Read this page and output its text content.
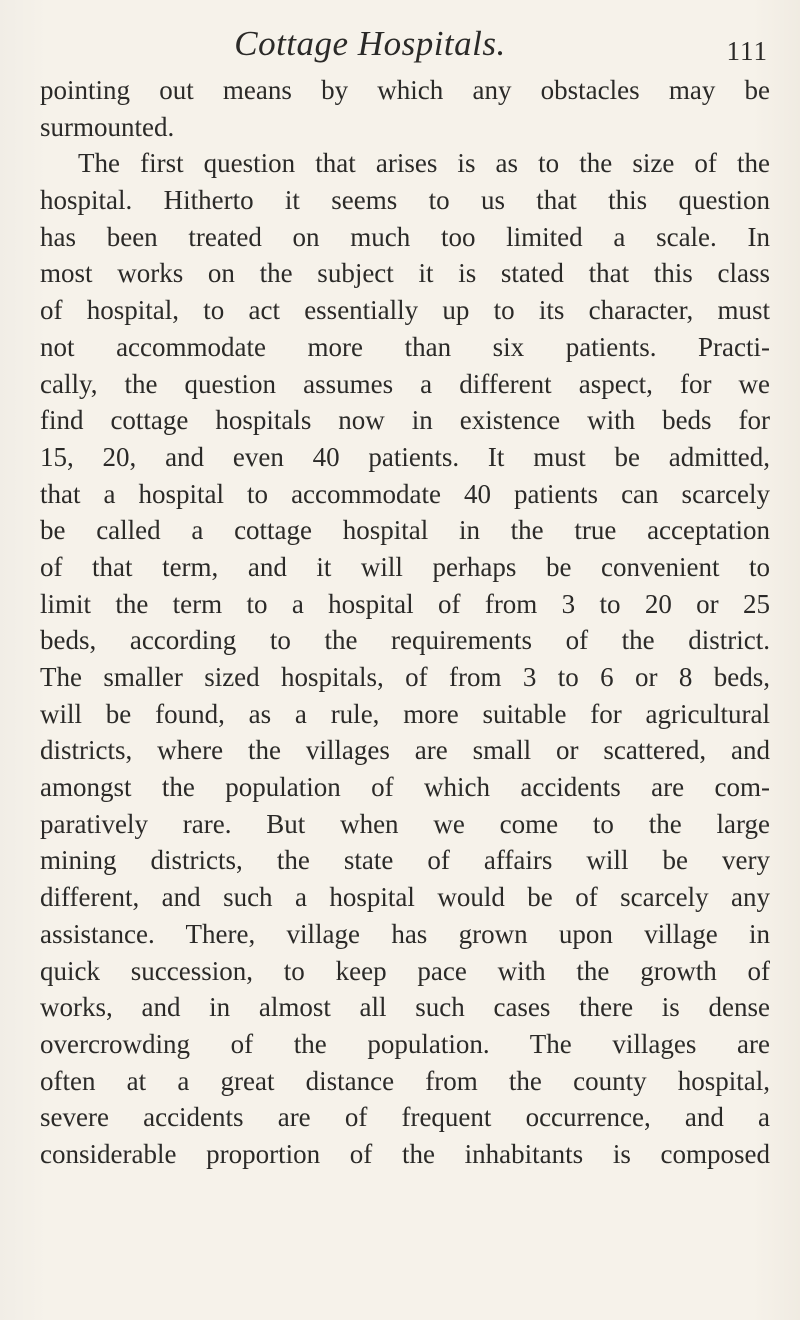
Cottage Hospitals.	111
pointing out means by which any obstacles may be
surmounted.
The first question that arises is as to the size of the
hospital. Hitherto it seems to us that this question
has been treated on much too limited a scale. In
most works on the subject it is stated that this class
of hospital, to act essentially up to its character, must
not accommodate more than six patients. Practi-
cally, the question assumes a different aspect, for we
find cottage hospitals now in existence with beds for
15, 20, and even 40 patients. It must be admitted,
that a hospital to accommodate 40 patients can scarcely
be called a cottage hospital in the true acceptation
of that term, and it will perhaps be convenient to
limit the term to a hospital of from 3 to 20 or 25
beds, according to the requirements of the district.
The smaller sized hospitals, of from 3 to 6 or 8 beds,
will be found, as a rule, more suitable for agricultural
districts, where the villages are small or scattered, and
amongst the population of which accidents are com-
paratively rare. But when we come to the large
mining districts, the state of affairs will be very
different, and such a hospital would be of scarcely any
assistance. There, village has grown upon village in
quick succession, to keep pace with the growth of
works, and in almost all such cases there is dense
overcrowding of the population. The villages are
often at a great distance from the county hospital,
severe accidents are of frequent occurrence, and a
considerable proportion of the inhabitants is composed
